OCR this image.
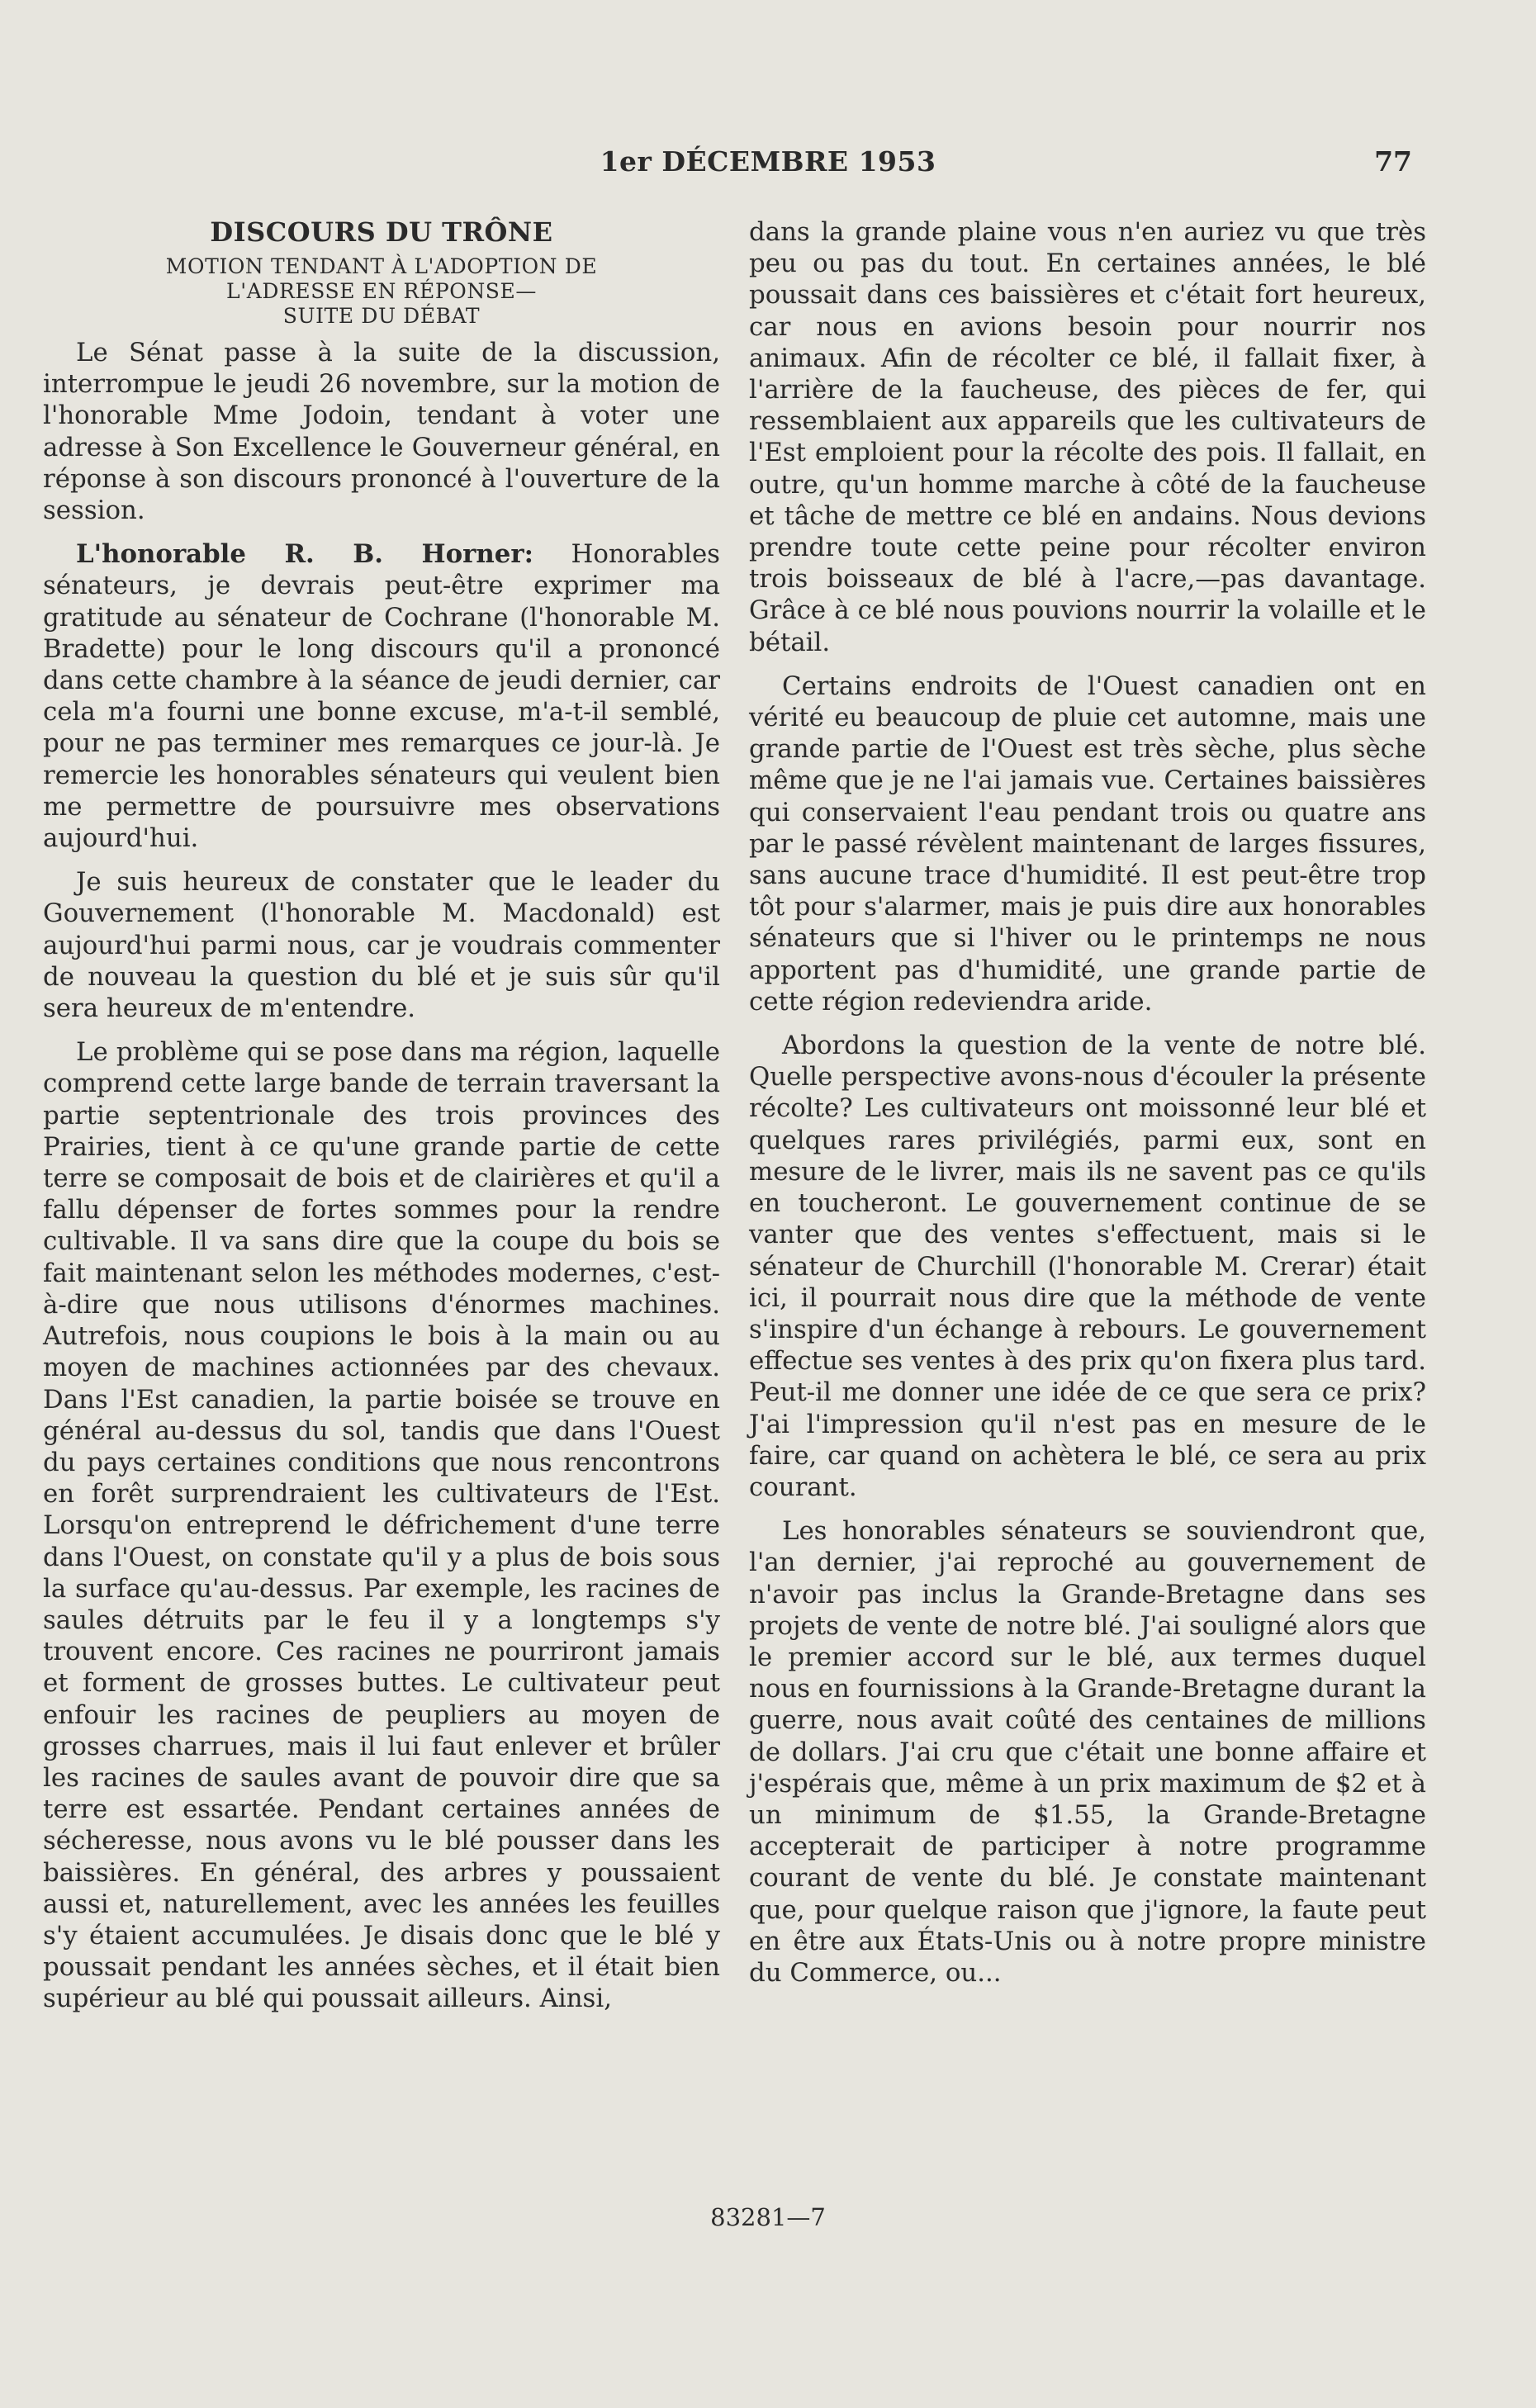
1er DÉCEMBRE 1953	77
DISCOURS DU TRÔNE
MOTION TENDANT À L'ADOPTION DE
L'ADRESSE EN RÉPONSE—
SUITE DU DÉBAT

Le Sénat passe à la suite de la discussion, interrompue le jeudi 26 novembre, sur la motion de l'honorable Mme Jodoin, tendant à voter une adresse à Son Excellence le Gouverneur général, en réponse à son discours prononcé à l'ouverture de la session.

L'honorable R. B. Horner: Honorables sénateurs, je devrais peut-être exprimer ma gratitude au sénateur de Cochrane (l'honorable M. Bradette) pour le long discours qu'il a prononcé dans cette chambre à la séance de jeudi dernier, car cela m'a fourni une bonne excuse, m'a-t-il semblé, pour ne pas terminer mes remarques ce jour-là. Je remercie les honorables sénateurs qui veulent bien me permettre de poursuivre mes observations aujourd'hui.

Je suis heureux de constater que le leader du Gouvernement (l'honorable M. Macdonald) est aujourd'hui parmi nous, car je voudrais commenter de nouveau la question du blé et je suis sûr qu'il sera heureux de m'entendre.

Le problème qui se pose dans ma région, laquelle comprend cette large bande de terrain traversant la partie septentrionale des trois provinces des Prairies, tient à ce qu'une grande partie de cette terre se composait de bois et de clairières et qu'il a fallu dépenser de fortes sommes pour la rendre cultivable. Il va sans dire que la coupe du bois se fait maintenant selon les méthodes modernes, c'est-à-dire que nous utilisons d'énormes machines. Autrefois, nous coupions le bois à la main ou au moyen de machines actionnées par des chevaux. Dans l'Est canadien, la partie boisée se trouve en général au-dessus du sol, tandis que dans l'Ouest du pays certaines conditions que nous rencontrons en forêt surprendraient les cultivateurs de l'Est. Lorsqu'on entreprend le défrichement d'une terre dans l'Ouest, on constate qu'il y a plus de bois sous la surface qu'au-dessus. Par exemple, les racines de saules détruits par le feu il y a longtemps s'y trouvent encore. Ces racines ne pourriront jamais et forment de grosses buttes. Le cultivateur peut enfouir les racines de peupliers au moyen de grosses charrues, mais il lui faut enlever et brûler les racines de saules avant de pouvoir dire que sa terre est essartée. Pendant certaines années de sécheresse, nous avons vu le blé pousser dans les baissières. En général, des arbres y poussaient aussi et, naturellement, avec les années les feuilles s'y étaient accumulées. Je disais donc que le blé y poussait pendant les années sèches, et il était bien supérieur au blé qui poussait ailleurs. Ainsi,

dans la grande plaine vous n'en auriez vu que très peu ou pas du tout. En certaines années, le blé poussait dans ces baissières et c'était fort heureux, car nous en avions besoin pour nourrir nos animaux. Afin de récolter ce blé, il fallait fixer, à l'arrière de la faucheuse, des pièces de fer, qui ressemblaient aux appareils que les cultivateurs de l'Est emploient pour la récolte des pois. Il fallait, en outre, qu'un homme marche à côté de la faucheuse et tâche de mettre ce blé en andains. Nous devions prendre toute cette peine pour récolter environ trois boisseaux de blé à l'acre,—pas davantage. Grâce à ce blé nous pouvions nourrir la volaille et le bétail.

Certains endroits de l'Ouest canadien ont en vérité eu beaucoup de pluie cet automne, mais une grande partie de l'Ouest est très sèche, plus sèche même que je ne l'ai jamais vue. Certaines baissières qui conservaient l'eau pendant trois ou quatre ans par le passé révèlent maintenant de larges fissures, sans aucune trace d'humidité. Il est peut-être trop tôt pour s'alarmer, mais je puis dire aux honorables sénateurs que si l'hiver ou le printemps ne nous apportent pas d'humidité, une grande partie de cette région redeviendra aride.

Abordons la question de la vente de notre blé. Quelle perspective avons-nous d'écouler la présente récolte? Les cultivateurs ont moissonné leur blé et quelques rares privilégiés, parmi eux, sont en mesure de le livrer, mais ils ne savent pas ce qu'ils en toucheront. Le gouvernement continue de se vanter que des ventes s'effectuent, mais si le sénateur de Churchill (l'honorable M. Crerar) était ici, il pourrait nous dire que la méthode de vente s'inspire d'un échange à rebours. Le gouvernement effectue ses ventes à des prix qu'on fixera plus tard. Peut-il me donner une idée de ce que sera ce prix? J'ai l'impression qu'il n'est pas en mesure de le faire, car quand on achètera le blé, ce sera au prix courant.

Les honorables sénateurs se souviendront que, l'an dernier, j'ai reproché au gouvernement de n'avoir pas inclus la Grande-Bretagne dans ses projets de vente de notre blé. J'ai souligné alors que le premier accord sur le blé, aux termes duquel nous en fournissions à la Grande-Bretagne durant la guerre, nous avait coûté des centaines de millions de dollars. J'ai cru que c'était une bonne affaire et j'espérais que, même à un prix maximum de $2 et à un minimum de $1.55, la Grande-Bretagne accepterait de participer à notre programme courant de vente du blé. Je constate maintenant que, pour quelque raison que j'ignore, la faute peut en être aux États-Unis ou à notre propre ministre du Commerce, ou...

83281—7
